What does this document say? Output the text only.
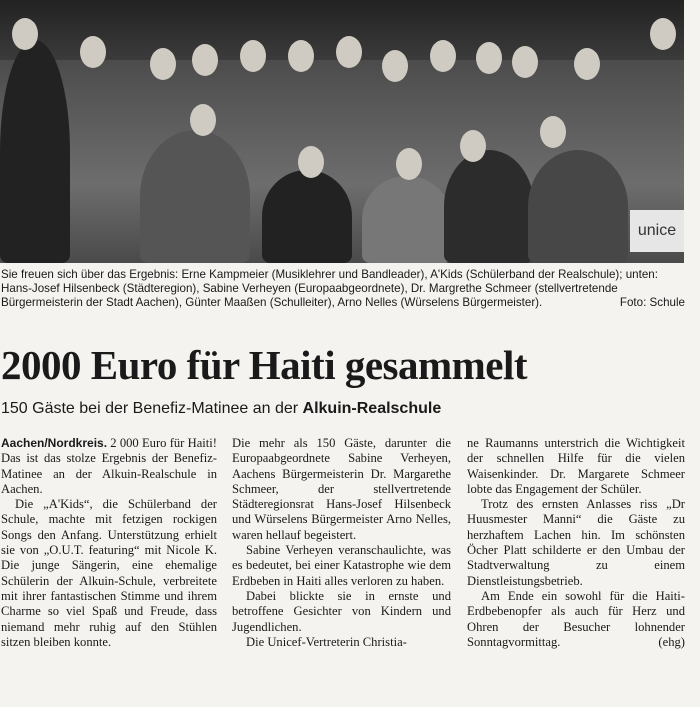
unice
Sie freuen sich über das Ergebnis: Erne Kampmeier (Musiklehrer und Bandleader), A'Kids (Schülerband der Realschule); unten: Hans-Josef Hilsenbeck (Städteregion), Sabine Verheyen (Europaabgeordnete), Dr. Margrethe Schmeer (stellvertretende Bürgermeisterin der Stadt Aachen), Günter Maaßen (Schulleiter), Arno Nelles (Würselens Bürgermeister).	Foto: Schule
2000 Euro für Haiti gesammelt
150 Gäste bei der Benefiz-Matinee an der Alkuin-Realschule

Aachen/Nordkreis. 2 000 Euro für Haiti! Das ist das stolze Ergebnis der Benefiz-Matinee an der Alkuin-Realschule in Aachen.

Die „A'Kids“, die Schülerband der Schule, machte mit fetzigen rockigen Songs den Anfang. Unterstützung erhielt sie von „O.U.T. featuring“ mit Nicole K. Die junge Sängerin, eine ehemalige Schülerin der Alkuin-Schule, verbreitete mit ihrer fantastischen Stimme und ihrem Charme so viel Spaß und Freude, dass niemand mehr ruhig auf den Stühlen sitzen bleiben konnte.

Die mehr als 150 Gäste, darunter die Europaabgeordnete Sabine Verheyen, Aachens Bürgermeisterin Dr. Margarethe Schmeer, der stellvertretende Städteregionsrat Hans-Josef Hilsenbeck und Würselens Bürgermeister Arno Nelles, waren hellauf begeistert.

Sabine Verheyen veranschaulichte, was es bedeutet, bei einer Katastrophe wie dem Erdbeben in Haiti alles verloren zu haben.

Dabei blickte sie in ernste und betroffene Gesichter von Kindern und Jugendlichen.

Die Unicef-Vertreterin Christia-

ne Raumanns unterstrich die Wichtigkeit der schnellen Hilfe für die vielen Waisenkinder. Dr. Margarete Schmeer lobte das Engagement der Schüler.

Trotz des ernsten Anlasses riss „Dr Huusmester Manni“ die Gäste zu herzhaftem Lachen hin. Im schönsten Öcher Platt schilderte er den Umbau der Stadtverwaltung zu einem Dienstleistungsbetrieb.

Am Ende ein sowohl für die Haiti-Erdbebenopfer als auch für Herz und Ohren der Besucher lohnender Sonntagvormittag.	(ehg)
